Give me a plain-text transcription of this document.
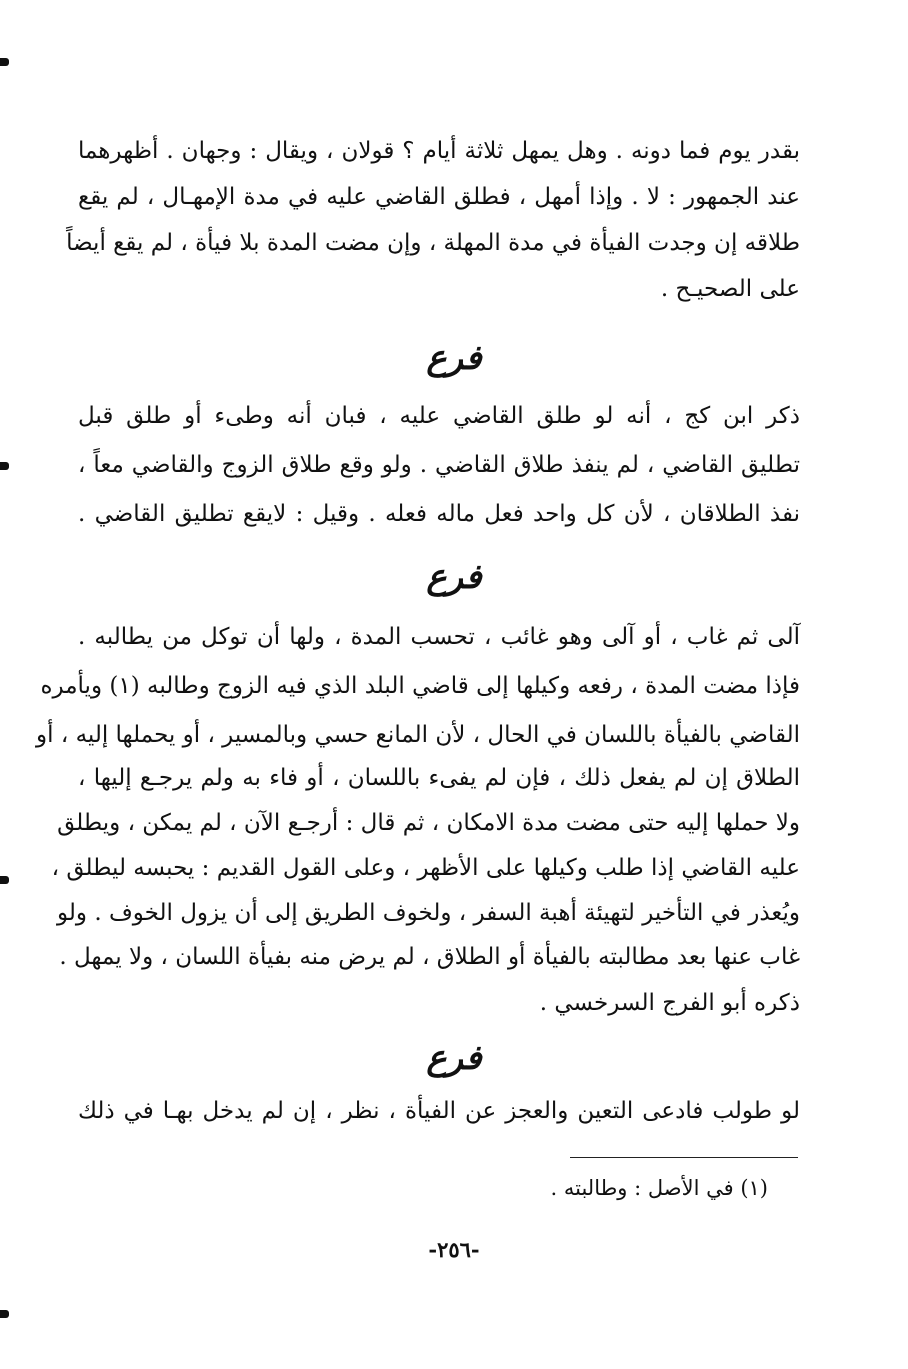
بقدر يوم فما دونه . وهل يمهل ثلاثة أيام ؟ قولان ، ويقال : وجهان . أظهرهما
عند الجمهور : لا . وإذا أمهل ، فطلق القاضي عليه في مدة الإمهـال ، لم يقع
طلاقه إن وجدت الفيأة في مدة المهلة ، وإن مضت المدة بلا فيأة ، لم يقع أيضاً
على الصحيـح .
فرع
ذكر ابن كج ، أنه لو طلق القاضي عليه ، فبان أنه وطىء أو طلق قبل
تطليق القاضي ، لم ينفذ طلاق القاضي . ولو وقع طلاق الزوج والقاضي معاً ،
نفذ الطلاقان ، لأن كل واحد فعل ماله فعله . وقيل : لايقع تطليق القاضي .
فرع
آلى ثم غاب ، أو آلى وهو غائب ، تحسب المدة ، ولها أن توكل من يطالبه .
فإذا مضت المدة ، رفعه وكيلها إلى قاضي البلد الذي فيه الزوج وطالبه (١) ويأمره
القاضي بالفيأة باللسان في الحال ، لأن المانع حسي وبالمسير ، أو يحملها إليه ، أو
الطلاق إن لم يفعل ذلك ، فإن لم يفىء باللسان ، أو فاء به ولم يرجـع إليها ،
ولا حملها إليه حتى مضت مدة الامكان ، ثم قال : أرجـع الآن ، لم يمكن ، ويطلق
عليه القاضي إذا طلب وكيلها على الأظهر ، وعلى القول القديم : يحبسه ليطلق ،
ويُعذر في التأخير لتهيئة أهبة السفر ، ولخوف الطريق إلى أن يزول الخوف . ولو
غاب عنها بعد مطالبته بالفيأة أو الطلاق ، لم يرض منه بفيأة اللسان ، ولا يمهل .
ذكره أبو الفرج السرخسي .
فرع
لو طولب فادعى التعين والعجز عن الفيأة ، نظر ، إن لم يدخل بهـا في ذلك
(١) في الأصل : وطالبته .
-٢٥٦-
